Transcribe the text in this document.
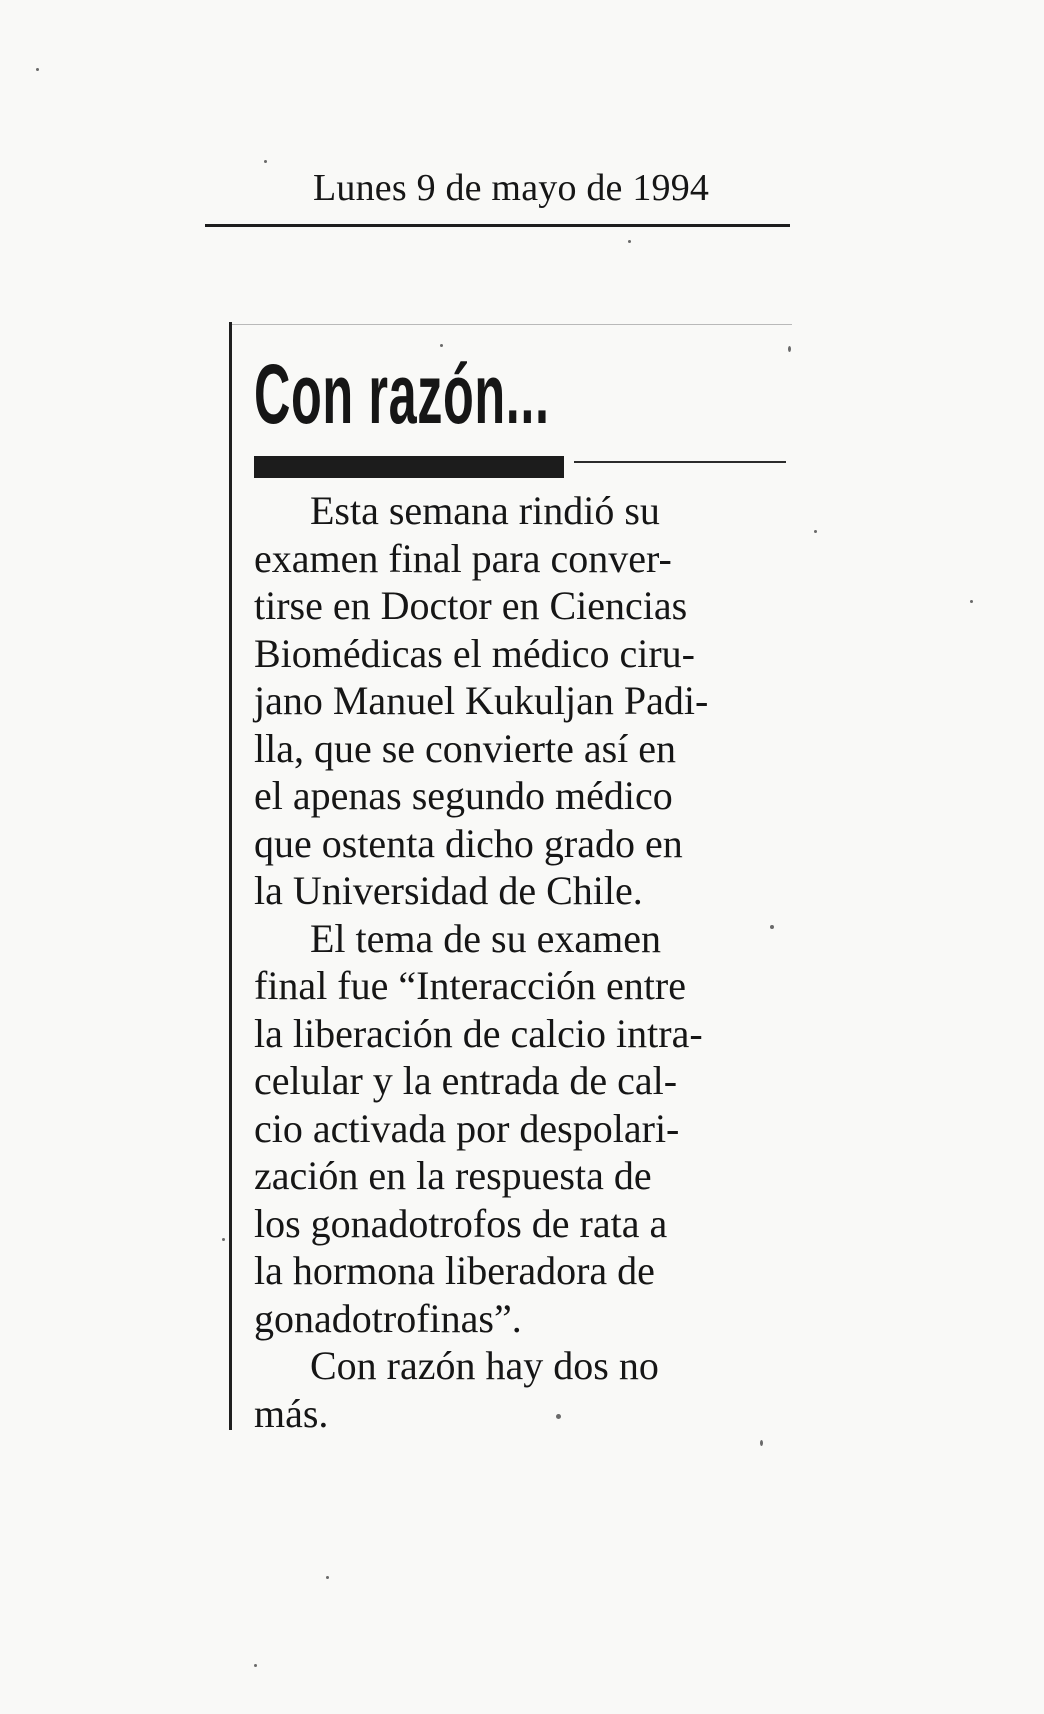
Lunes 9 de mayo de 1994
Con razón...
Esta semana rindió su
examen final para conver-
tirse en Doctor en Ciencias
Biomédicas el médico ciru-
jano Manuel Kukuljan Padi-
lla, que se convierte así en
el apenas segundo médico
que ostenta dicho grado en
la Universidad de Chile.
El tema de su examen
final fue “Interacción entre
la liberación de calcio intra-
celular y la entrada de cal-
cio activada por despolari-
zación en la respuesta de
los gonadotrofos de rata a
la hormona liberadora de
gonadotrofinas”.
Con razón hay dos no
más.
